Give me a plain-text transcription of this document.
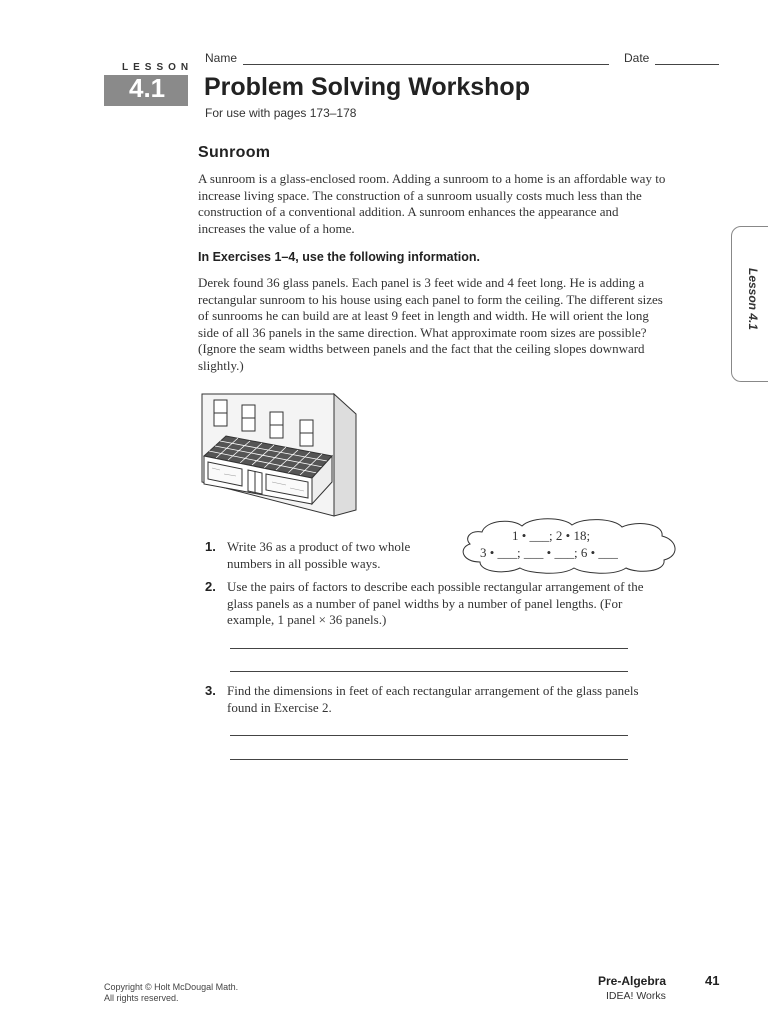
LESSON
4.1
Name	Date
Problem Solving Workshop
For use with pages 173–178
Lesson 4.1
Sunroom
A sunroom is a glass-enclosed room. Adding a sunroom to a home is an affordable way to increase living space. The construction of a sunroom usually costs much less than the construction of a conventional addition. A sunroom enhances the appearance and increases the value of a home.
In Exercises 1–4, use the following information.
Derek found 36 glass panels. Each panel is 3 feet wide and 4 feet long. He is adding a rectangular sunroom to his house using each panel to form the ceiling. The different sizes of sunrooms he can build are at least 9 feet in length and width. He will orient the long side of all 36 panels in the same direction. What approximate room sizes are possible? (Ignore the seam widths between panels and the fact that the ceiling slopes downward slightly.)
1 • ___; 2 • 18;
3 • ___; ___ • ___; 6 • ___
1. Write 36 as a product of two whole numbers in all possible ways.
2. Use the pairs of factors to describe each possible rectangular arrangement of the glass panels as a number of panel widths by a number of panel lengths. (For example, 1 panel × 36 panels.)
3. Find the dimensions in feet of each rectangular arrangement of the glass panels found in Exercise 2.
Copyright © Holt McDougal Math.
All rights reserved.
Pre-Algebra
IDEA! Works
41
